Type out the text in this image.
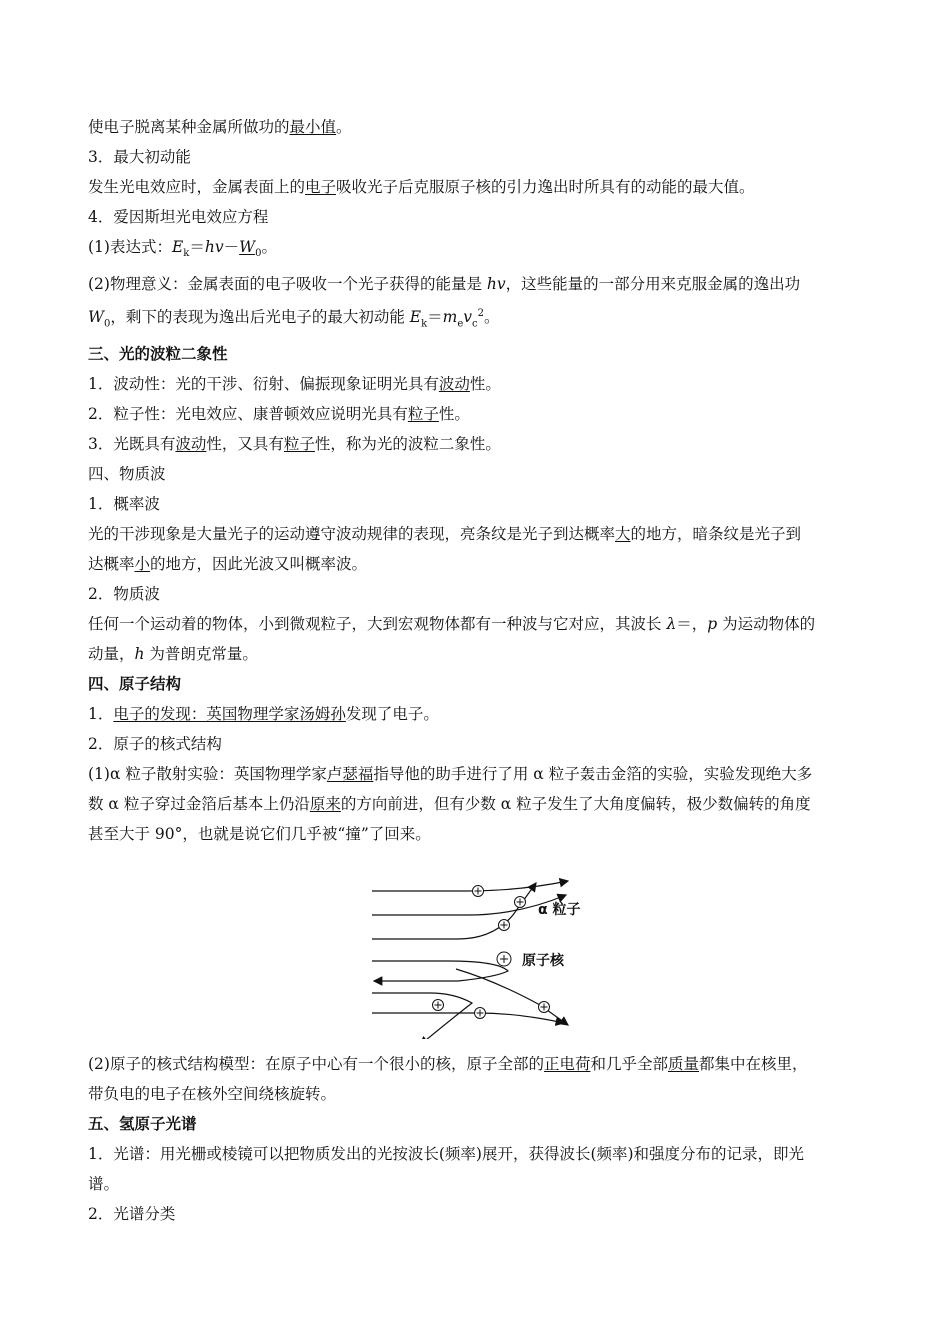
使电子脱离某种金属所做功的最小值。
3．最大初动能
发生光电效应时，金属表面上的电子吸收光子后克服原子核的引力逸出时所具有的动能的最大值。
4．爱因斯坦光电效应方程
(1)表达式：$E_k=hv-W_0$。
(2)物理意义：金属表面的电子吸收一个光子获得的能量是 hv，这些能量的一部分用来克服金属的逸出功
$W_0$，剩下的表现为逸出后光电子的最大初动能 $E_k=m_ev_c^2$。
三、光的波粒二象性
1．波动性：光的干涉、衍射、偏振现象证明光具有波动性。
2．粒子性：光电效应、康普顿效应说明光具有粒子性。
3．光既具有波动性，又具有粒子性，称为光的波粒二象性。
四、物质波
1．概率波
光的干涉现象是大量光子的运动遵守波动规律的表现，亮条纹是光子到达概率大的地方，暗条纹是光子到
达概率小的地方，因此光波又叫概率波。
2．物质波
任何一个运动着的物体，小到微观粒子，大到宏观物体都有一种波与它对应，其波长 λ＝，p 为运动物体的
动量，h 为普朗克常量。
四、原子结构
1．电子的发现：英国物理学家汤姆孙发现了电子。
2．原子的核式结构
(1)α 粒子散射实验：英国物理学家卢瑟福指导他的助手进行了用 α 粒子轰击金箔的实验，实验发现绝大多
数 α 粒子穿过金箔后基本上仍沿原来的方向前进，但有少数 α 粒子发生了大角度偏转，极少数偏转的角度
甚至大于 90°，也就是说它们几乎被“撞”了回来。
α 粒子
原子核
(2)原子的核式结构模型：在原子中心有一个很小的核，原子全部的正电荷和几乎全部质量都集中在核里，
带负电的电子在核外空间绕核旋转。
五、氢原子光谱
1．光谱：用光栅或棱镜可以把物质发出的光按波长(频率)展开，获得波长(频率)和强度分布的记录，即光
谱。
2．光谱分类
